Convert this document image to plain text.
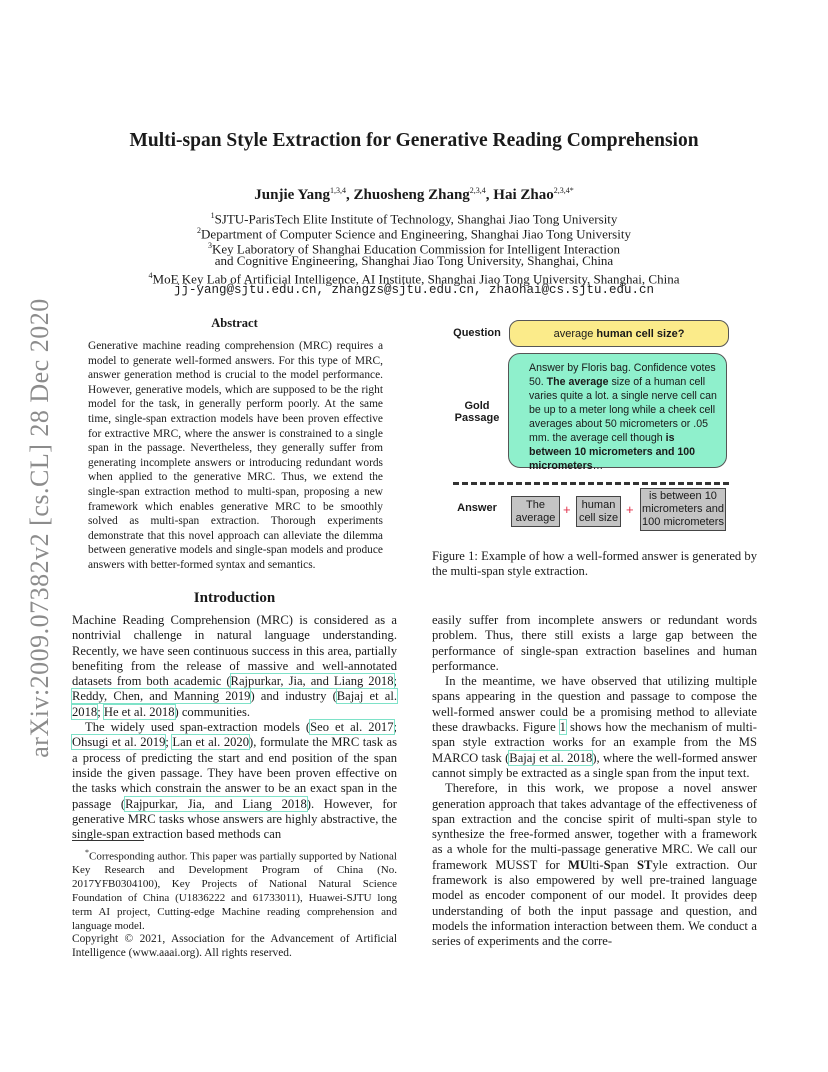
arXiv:2009.07382v2 [cs.CL] 28 Dec 2020
Multi-span Style Extraction for Generative Reading Comprehension
Junjie Yang$^{1,3,4}$, Zhuosheng Zhang$^{2,3,4}$, Hai Zhao$^{2,3,4*}$
$^1$SJTU-ParisTech Elite Institute of Technology, Shanghai Jiao Tong University
$^2$Department of Computer Science and Engineering, Shanghai Jiao Tong University
$^3$Key Laboratory of Shanghai Education Commission for Intelligent Interaction
and Cognitive Engineering, Shanghai Jiao Tong University, Shanghai, China
$^4$MoE Key Lab of Artificial Intelligence, AI Institute, Shanghai Jiao Tong University, Shanghai, China
jj-yang@sjtu.edu.cn, zhangzs@sjtu.edu.cn, zhaohai@cs.sjtu.edu.cn
Abstract
Generative machine reading comprehension (MRC) requires a model to generate well-formed answers. For this type of MRC, answer generation method is crucial to the model performance. However, generative models, which are supposed to be the right model for the task, in generally perform poorly. At the same time, single-span extraction models have been proven effective for extractive MRC, where the answer is constrained to a single span in the passage. Nevertheless, they generally suffer from generating incomplete answers or introducing redundant words when applied to the generative MRC. Thus, we extend the single-span extraction method to multi-span, proposing a new framework which enables generative MRC to be smoothly solved as multi-span extraction. Thorough experiments demonstrate that this novel approach can alleviate the dilemma between generative models and single-span models and produce answers with better-formed syntax and semantics.
Introduction

Machine Reading Comprehension (MRC) is considered as a nontrivial challenge in natural language understanding. Recently, we have seen continuous success in this area, partially benefiting from the release of massive and well-annotated datasets from both academic (Rajpurkar, Jia, and Liang 2018; Reddy, Chen, and Manning 2019) and industry (Bajaj et al. 2018; He et al. 2018) communities.

The widely used span-extraction models (Seo et al. 2017; Ohsugi et al. 2019; Lan et al. 2020), formulate the MRC task as a process of predicting the start and end position of the span inside the given passage. They have been proven effective on the tasks which constrain the answer to be an exact span in the passage (Rajpurkar, Jia, and Liang 2018). However, for generative MRC tasks whose answers are highly abstractive, the single-span extraction based methods can

*Corresponding author. This paper was partially supported by National Key Research and Development Program of China (No. 2017YFB0304100), Key Projects of National Natural Science Foundation of China (U1836222 and 61733011), Huawei-SJTU long term AI project, Cutting-edge Machine reading comprehension and language model.
Copyright © 2021, Association for the Advancement of Artificial Intelligence (www.aaai.org). All rights reserved.
Question	average human cell size?
Gold
Passage
Answer by Floris bag. Confidence votes 50. The average size of a human cell varies quite a lot. a single nerve cell can be up to a meter long while a cheek cell averages about 50 micrometers or .05 mm. the average cell though is between 10 micrometers and 100 micrometers…
Answer	The average
+	human cell size
+
is between 10 micrometers and 100 micrometers
Figure 1: Example of how a well-formed answer is generated by the multi-span style extraction.

easily suffer from incomplete answers or redundant words problem. Thus, there still exists a large gap between the performance of single-span extraction baselines and human performance.

In the meantime, we have observed that utilizing multiple spans appearing in the question and passage to compose the well-formed answer could be a promising method to alleviate these drawbacks. Figure 1 shows how the mechanism of multi-span style extraction works for an example from the MS MARCO task (Bajaj et al. 2018), where the well-formed answer cannot simply be extracted as a single span from the input text.

Therefore, in this work, we propose a novel answer generation approach that takes advantage of the effectiveness of span extraction and the concise spirit of multi-span style to synthesize the free-formed answer, together with a framework as a whole for the multi-passage generative MRC. We call our framework MUSST for MUlti-Span STyle extraction. Our framework is also empowered by well pre-trained language model as encoder component of our model. It provides deep understanding of both the input passage and question, and models the information interaction between them. We conduct a series of experiments and the corre-
